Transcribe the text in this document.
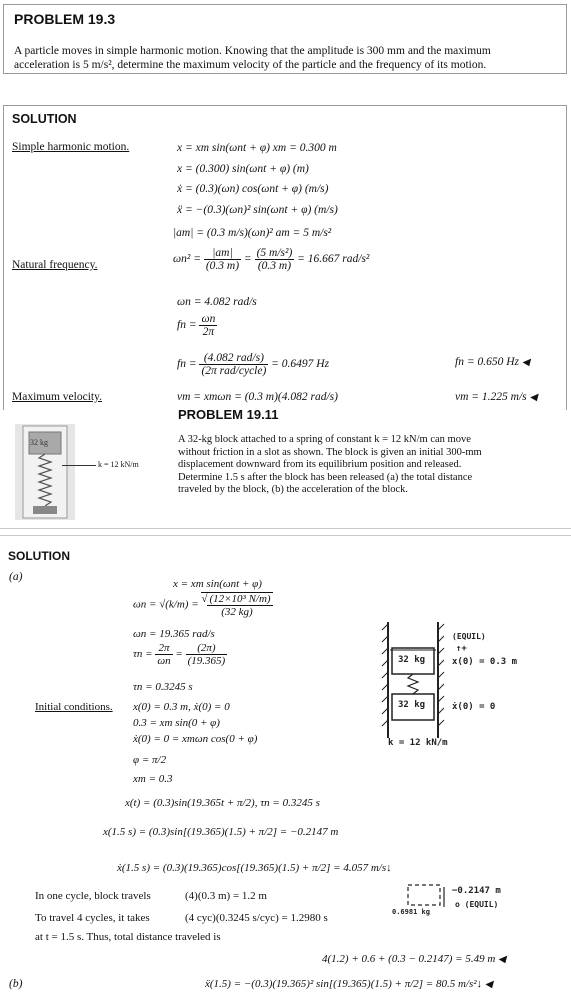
PROBLEM 19.3
A particle moves in simple harmonic motion. Knowing that the amplitude is 300 mm and the maximum
acceleration is 5 m/s², determine the maximum velocity of the particle and the frequency of its motion.
SOLUTION
Simple harmonic motion.	x = xm sin(ωnt + φ) xm = 0.300 m
x = (0.300) sin(ωnt + φ) (m)
ẋ = (0.3)(ωn) cos(ωnt + φ) (m/s)
ẍ = −(0.3)(ωn)² sin(ωnt + φ) (m/s)
|am| = (0.3 m/s)(ωn)² am = 5 m/s²
Natural frequency.	$\omega n^2 = \frac{|am|}{(0.3 m)} = \frac{\text{(5 m/s²)}}{(0.3 m)} = 16.667$ rad/s²
ωn = 4.082 rad/s
fn = $\frac{\omega n}{2\pi}$
fn = $\frac{\text{(4.082 rad/s)}}{\text{(2π rad/cycle)}} = 0.6497$ Hz	fn = 0.650 Hz ◀
Maximum velocity.	vm = xmωn = (0.3 m)(4.082 rad/s)	vm = 1.225 m/s ◀
PROBLEM 19.11
32 kg
k = 12 kN/m
A 32-kg block attached to a spring of constant k = 12 kN/m can move
without friction in a slot as shown. The block is given an initial 300-mm
displacement downward from its equilibrium position and released.
Determine 1.5 s after the block has been released (a) the total distance
traveled by the block, (b) the acceleration of the block.
SOLUTION
(a)
x = xm sin(ωnt + φ)
ωn = √(k/m) = √ (12×10³ N/m)
(32 kg)
ωn = 19.365 rad/s
$\tau n = \frac{2\pi}{\omega n} = \frac{(2\pi)}{(19.365)}$
τn = 0.3245 s
Initial conditions. x(0) = 0.3 m, ẋ(0) = 0
0.3 = xm sin(0 + φ)
ẋ(0) = 0 = xmωn cos(0 + φ)
φ = π/2
xm = 0.3
x(t) = (0.3)sin(19.365t + π/2), τn = 0.3245 s
x(1.5 s) = (0.3)sin[(19.365)(1.5) + π/2] = −0.2147 m
ẋ(1.5 s) = (0.3)(19.365)cos[(19.365)(1.5) + π/2] = 4.057 m/s↓
In one cycle, block travels	(4)(0.3 m) = 1.2 m
To travel 4 cycles, it takes	(4 cyc)(0.3245 s/cyc) = 1.2980 s
at t = 1.5 s. Thus, total distance traveled is
4(1.2) + 0.6 + (0.3 − 0.2147) = 5.49 m ◀
(b)	ẍ(1.5) = −(0.3)(19.365)² sin[(19.365)(1.5) + π/2] = 80.5 m/s²↓ ◀
32 kg
32 kg
(EQUIL)
↑+
x(0) = 0.3 m
ẋ(0) = 0
k = 12 kN/m
−0.2147 m
o (EQUIL)
0.6981 kg
